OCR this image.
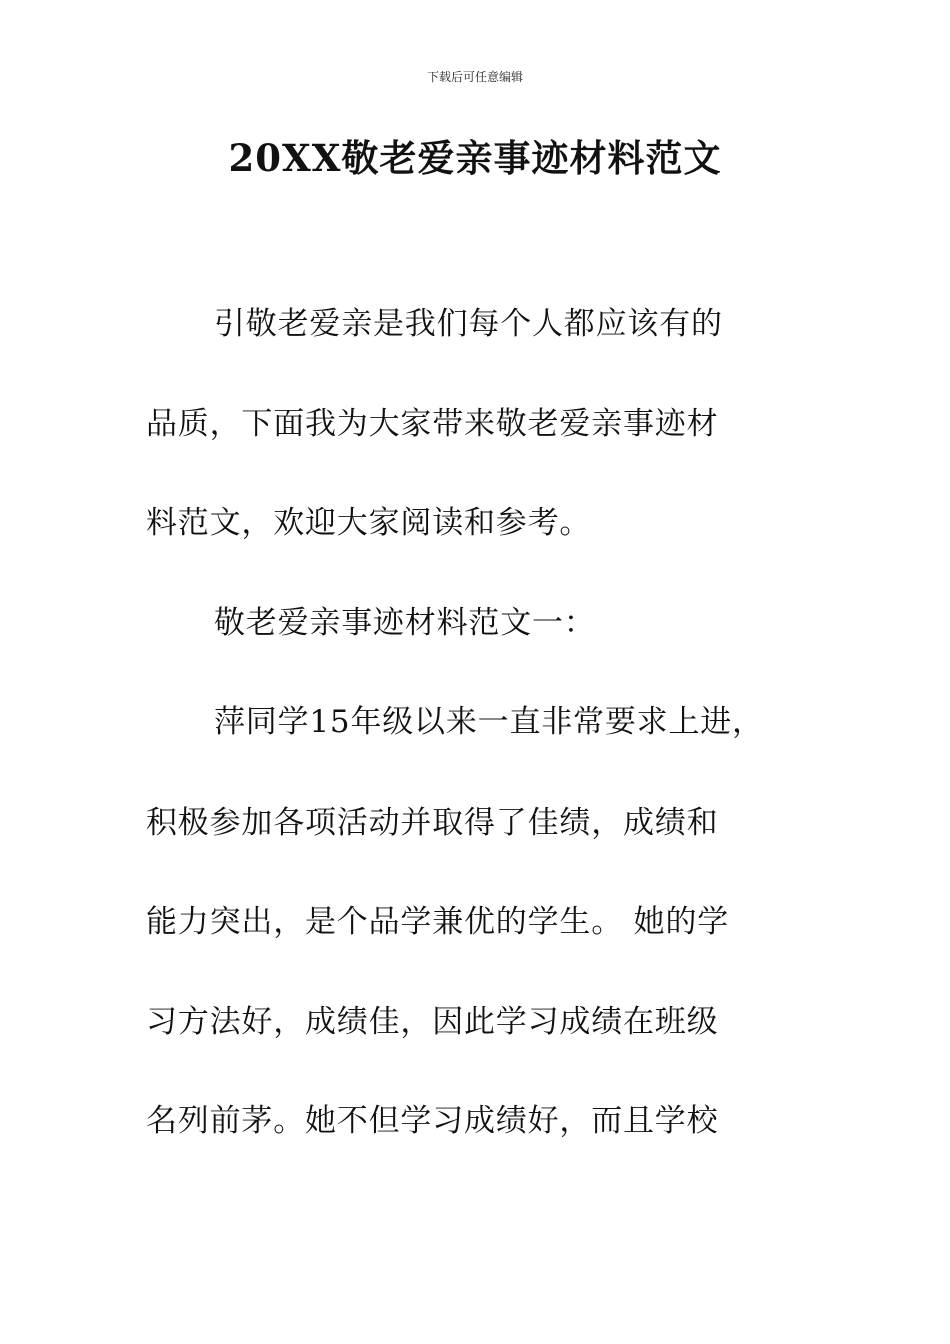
下载后可任意编辑
20XX敬老爱亲事迹材料范文
引敬老爱亲是我们每个人都应该有的
品质，下面我为大家带来敬老爱亲事迹材
料范文，欢迎大家阅读和参考。
敬老爱亲事迹材料范文一：
萍同学15年级以来一直非常要求上进，
积极参加各项活动并取得了佳绩，成绩和
能力突出，是个品学兼优的学生。 她的学
习方法好，成绩佳，因此学习成绩在班级
名列前茅。她不但学习成绩好，而且学校
